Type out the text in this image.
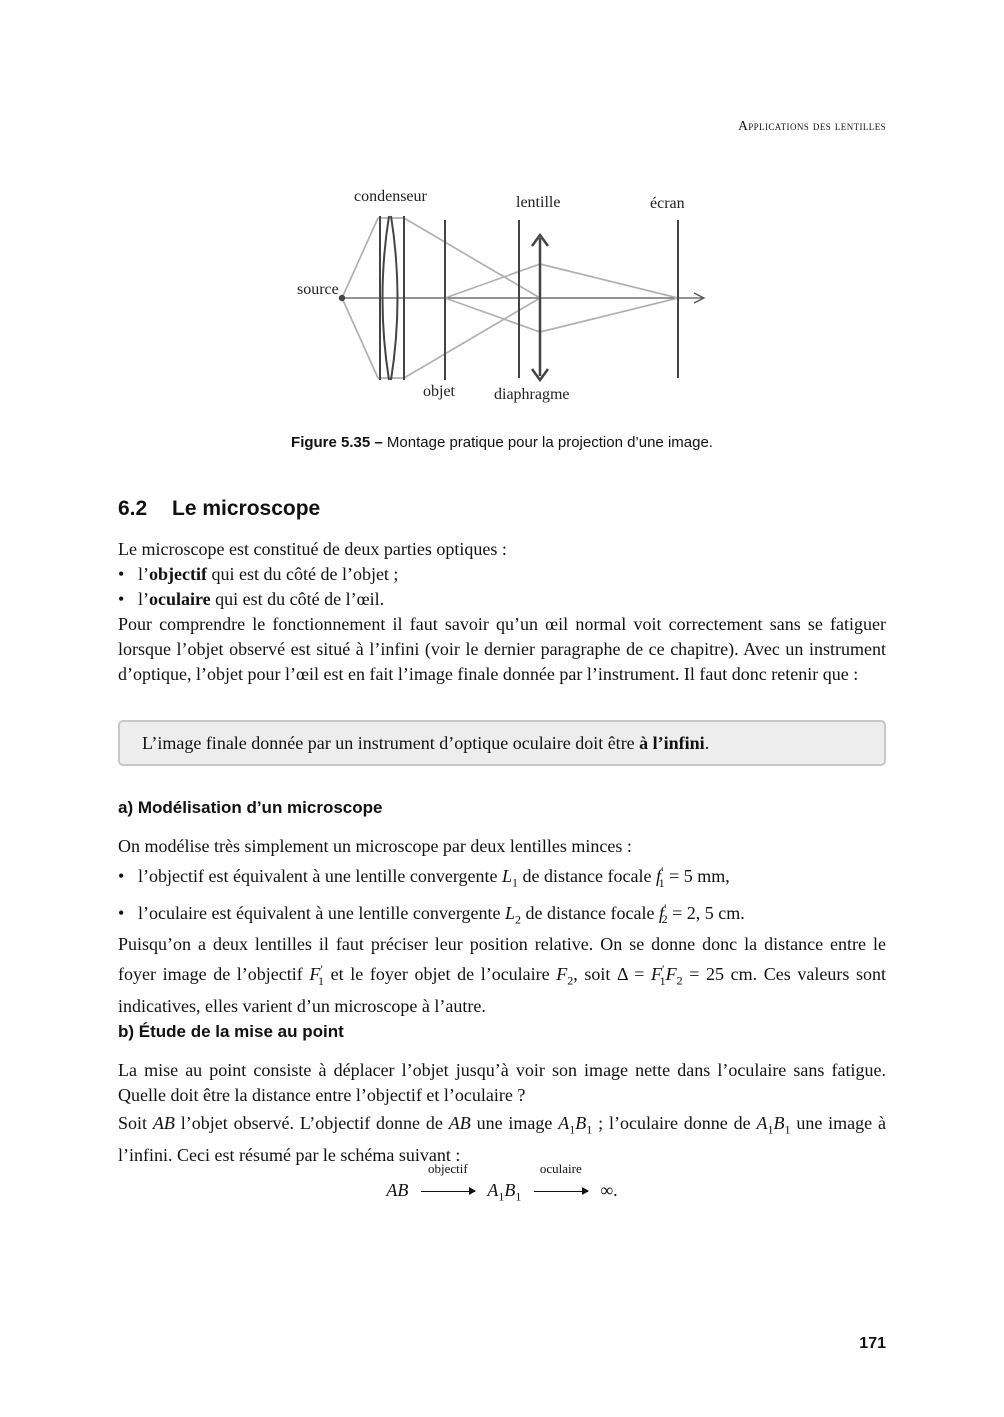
Applications des lentilles
condenseur	lentille	écran
source
objet diaphragme
Figure 5.35 – Montage pratique pour la projection d’une image.
6.2 Le microscope
Le microscope est constitué de deux parties optiques :
• l’objectif qui est du côté de l’objet ;
• l’oculaire qui est du côté de l’œil.
Pour comprendre le fonctionnement il faut savoir qu’un œil normal voit correctement sans se fatiguer lorsque l’objet observé est situé à l’infini (voir le dernier paragraphe de ce chapitre). Avec un instrument d’optique, l’objet pour l’œil est en fait l’image finale donnée par l’instrument. Il faut donc retenir que :
L’image finale donnée par un instrument d’optique oculaire doit être à l’infini.
a) Modélisation d’un microscope
On modélise très simplement un microscope par deux lentilles minces :
• l’objectif est équivalent à une lentille convergente $L_1$ de distance focale $f'_1 = 5$ mm,
• l’oculaire est équivalent à une lentille convergente $L_2$ de distance focale $f'_2 = 2$, 5 cm.
Puisqu’on a deux lentilles il faut préciser leur position relative. On se donne donc la distance entre le foyer image de l’objectif $F'_1$ et le foyer objet de l’oculaire $F_2$, soit $\Delta = F'_1F_2 = 25$ cm. Ces valeurs sont indicatives, elles varient d’un microscope à l’autre.
b) Étude de la mise au point
La mise au point consiste à déplacer l’objet jusqu’à voir son image nette dans l’oculaire sans fatigue. Quelle doit être la distance entre l’objectif et l’oculaire ?
Soit AB l’objet observé. L’objectif donne de AB une image $A_1B_1$ ; l’oculaire donne de $A_1B_1$ une image à l’infini. Ceci est résumé par le schéma suivant :
AB
objectif
$A_1B_1$
oculaire
∞.
171
